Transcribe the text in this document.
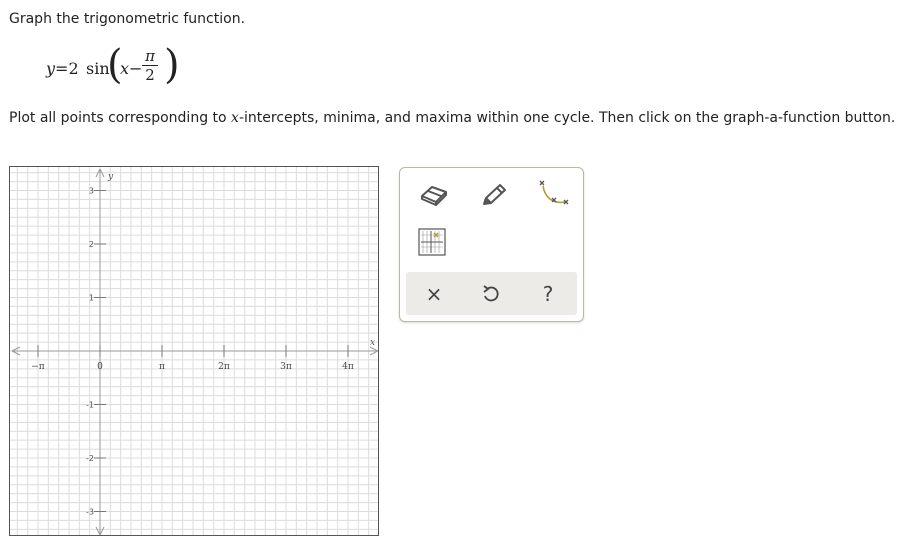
Graph the trigonometric function.
y=2 sin
(
x−
π
2 )
Plot all points corresponding to x-intercepts, minima, and maxima within one cycle. Then click on the graph-a-function button.
x
y
−π	0	π	2π	3π	4π
3
2
1
-1
-2
-3
×	?
